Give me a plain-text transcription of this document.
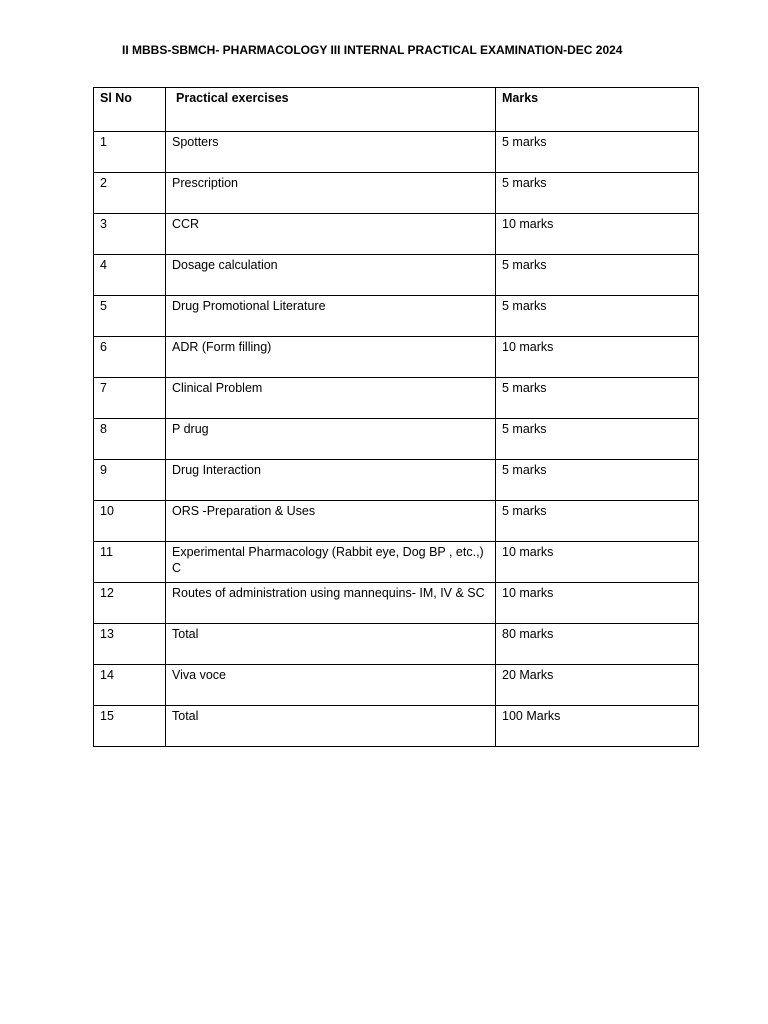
II MBBS-SBMCH- PHARMACOLOGY III INTERNAL PRACTICAL EXAMINATION-DEC 2024
Sl No	Practical exercises	Marks
1	Spotters	5 marks
2	Prescription	5 marks
3	CCR	10 marks
4	Dosage calculation	5 marks
5	Drug Promotional Literature	5 marks
6	ADR (Form filling)	10 marks
7	Clinical Problem	5 marks
8	P drug	5 marks
9	Drug Interaction	5 marks
10	ORS -Preparation & Uses	5 marks
11	Experimental Pharmacology (Rabbit eye, Dog BP , etc.,) C	10 marks
12	Routes of administration using mannequins- IM, IV & SC	10 marks
13	Total	80 marks
14	Viva voce	20 Marks
15	Total	100 Marks
